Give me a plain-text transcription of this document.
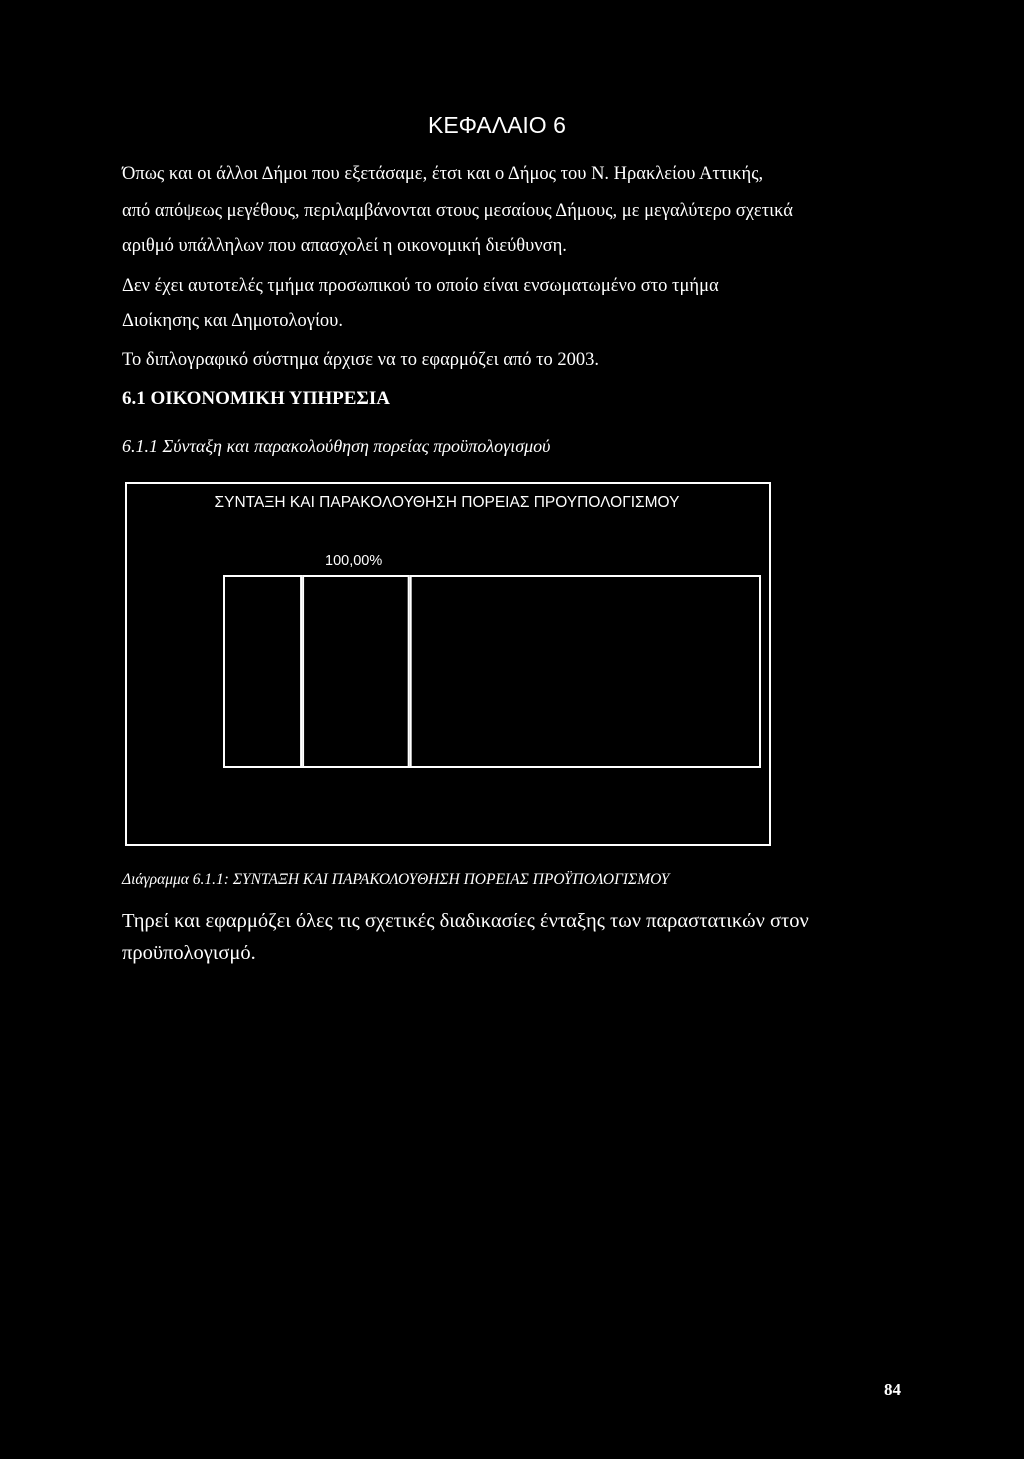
ΚΕΦΑΛΑΙΟ 6
Όπως και οι άλλοι Δήμοι που εξετάσαμε, έτσι και ο Δήμος του Ν. Ηρακλείου Αττικής,
από απόψεως μεγέθους, περιλαμβάνονται στους μεσαίους Δήμους, με μεγαλύτερο σχετικά
αριθμό υπάλληλων που απασχολεί η οικονομική διεύθυνση.
Δεν έχει αυτοτελές τμήμα προσωπικού το οποίο είναι ενσωματωμένο στο τμήμα
Διοίκησης και Δημοτολογίου.
Το διπλογραφικό σύστημα άρχισε να το εφαρμόζει από το 2003.
6.1 ΟΙΚΟΝΟΜΙΚΗ ΥΠΗΡΕΣΙΑ
6.1.1 Σύνταξη και παρακολούθηση πορείας προϋπολογισμού
ΣΥΝΤΑΞΗ ΚΑΙ ΠΑΡΑΚΟΛΟΥΘΗΣΗ ΠΟΡΕΙΑΣ ΠΡΟΥΠΟΛΟΓΙΣΜΟΥ
100,00%
Διάγραμμα 6.1.1: ΣΥΝΤΑΞΗ ΚΑΙ ΠΑΡΑΚΟΛΟΥΘΗΣΗ ΠΟΡΕΙΑΣ ΠΡΟΫΠΟΛΟΓΙΣΜΟΥ
Τηρεί και εφαρμόζει όλες τις σχετικές διαδικασίες ένταξης των παραστατικών στον
προϋπολογισμό.
84
